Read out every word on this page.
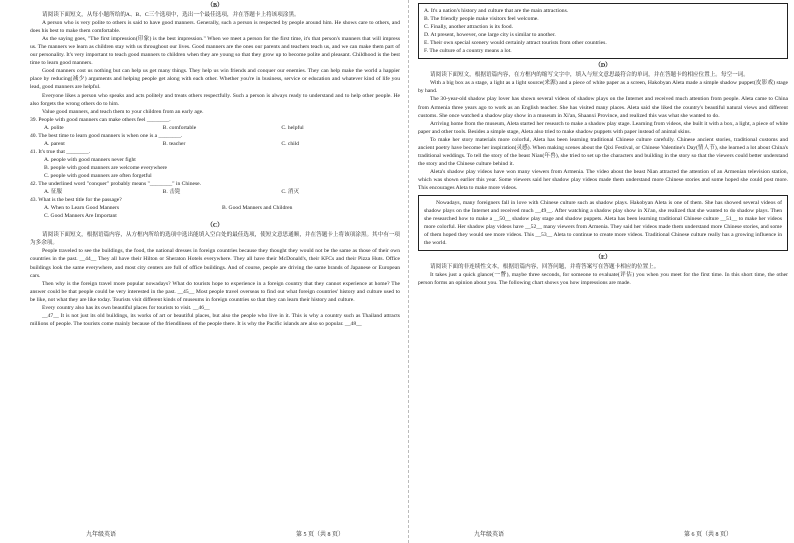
（B）

请阅读下面短文，从每小题所给的A、B、C三个选项中，选出一个最佳选项，并在答题卡上将该项涂黑。

A person who is very polite to others is said to have good manners. Generally, such a person is respected by people around him. He shows care to others, and does his best to make them comfortable.

As the saying goes, "The first impression(印象) is the best impression." When we meet a person for the first time, it's that person's manners that will impress us. The manners we learn as children stay with us throughout our lives. Good manners are the ones our parents and teachers teach us, and we can make them part of our personality. It's very important to teach good manners to children when they are young so that they grow up to become polite and pleasant. Childhood is the best time to learn good manners.

Good manners cost us nothing but can help us get many things. They help us win friends and conquer our enemies. They can help make the world a happier place by reducing(减少) arguments and helping people get along with each other. Whether you're in business, service or education and whatever kind of life you lead, good manners are helpful.

Everyone likes a person who speaks and acts politely and treats others respectfully. Such a person is always ready to understand and to help other people. He also forgets the wrong others do to him.

Value good manners, and teach them to your children from an early age.

39. People with good manners can make others feel ________.

A. polite	B. comfortable	C. helpful

40. The best time to learn good manners is when one is a ________.

A. parent	B. teacher	C. child

41. It's true that ________.

A. people with good manners never fight

B. people with good manners are welcome everywhere

C. people with good manners are often forgetful

42. The underlined word "conquer" probably means "________" in Chinese.

A. 征服	B. 击毙	C. 消灭

43. What is the best title for the passage?

A. When to Learn Good Manners	B. Good Manners and Children

C. Good Manners Are Important

（C）

请阅读下面短文，根据语篇内容，从方框内所给的选项中选出能填入空白处的最佳选项，使短文意思通顺，并在答题卡上将该项涂黑。其中有一项为多余项。

People traveled to see the buildings, the food, the national dresses in foreign countries because they thought they would not be the same as those of their own countries in the past. __44__ They all have their Hilton or Sheraton Hotels everywhere. They all have their McDonald's, their KFCs and their Pizza Huts. Office buildings look the same everywhere, and most city centers are full of office buildings. And of course, people are driving the same brands of Japanese or European cars.

Then why is the foreign travel more popular nowadays? What do tourists hope to experience in a foreign country that they cannot experience at home? The answer could be that people could be very interested in the past. __45__ Most people travel overseas to find out what foreign countries' history and culture used to be like, not what they are like today. Tourists visit different kinds of museums in foreign countries so that they can learn their history and culture.

Every country also has its own beautiful places for tourists to visit. __46__

__47__ It is not just its old buildings, its works of art or beautiful places, but also the people who live in it. This is why a country such as Thailand attracts millions of people. The tourists come mainly because of the friendliness of the people there. It is why the Pacific islands are also so popular. __48__

九年级英语	第 5 页（共 8 页）

A. It's a nation's history and culture that are the main attractions.

B. The friendly people make visitors feel welcome.

C. Finally, another attraction is its food.

D. At present, however, one large city is similar to another.

E. Their own special scenery would certainly attract tourists from other countries.

F. The culture of a country means a lot.

（D）

请阅读下面短文，根据语篇内容，在方框内的缩写文字中，填入与短文意思最符合的单词，并在答题卡的相应位置上。每空一词。

With a big box as a stage, a light as a light source(来源) and a piece of white paper as a screen, Hakobyan Aleta made a simple shadow puppet(皮影戏) stage by hand.

The 30-year-old shadow play lover has shown several videos of shadow plays on the Internet and received much attention from people. Aleta came to China from Armenia three years ago to work as an English teacher. She has visited many places. Aleta said she liked the country's beautiful natural views and different customs. She once watched a shadow play show in a museum in Xi'an, Shaanxi Province, and realized this was what she wanted to do.

Arriving home from the museum, Aleta started her research to make a shadow play stage. Learning from videos, she built it with a box, a light, a piece of white paper and other tools. Besides a simple stage, Aleta also tried to make shadow puppets with paper instead of animal skins.

To make her story materials more colorful, Aleta has been learning traditional Chinese culture carefully. Chinese ancient stories, traditional customs and ancient poetry have become her inspiration(灵感). When making scenes about the Qixi Festival, or Chinese Valentine's Day(情人节), she learned a lot about China's traditional weddings. To tell the story of the beast Nian(年兽), she tried to set up the characters and building in the story so that the viewers could better understand the story and the Chinese culture behind it.

Aleta's shadow play videos have won many viewers from Armenia. The video about the beast Nian attracted the attention of an Armenian television station, which was shown earlier this year. Some viewers said her shadow play videos made them understand more Chinese stories and some hoped she could post more. This encourages Aleta to make more videos.

Nowadays, many foreigners fall in love with Chinese culture such as shadow plays. Hakobyan Aleta is one of them. She has showed several videos of shadow plays on the Internet and received much __49__. After watching a shadow play show in Xi'an, she realized that she wanted to do shadow plays. Then she researched how to make a __50__ shadow play stage and shadow puppets. Aleta has been learning traditional Chinese culture __51__ to make her videos more colorful. Her shadow play videos have __52__ many viewers from Armenia. They said her videos made them understand more Chinese stories, and some of them hoped they would see more videos. This __53__ Aleta to continue to create more videos. Traditional Chinese culture really has a growing influence in the world.

（E）

请阅读下面的非连续性文本，根据语篇内容，回答问题，并将答案写在答题卡相应的位置上。

It takes just a quick glance(一瞥), maybe three seconds, for someone to evaluate(评估) you when you meet for the first time. In this short time, the other person forms an opinion about you. The following chart shows you how impressions are made.

九年级英语	第 6 页（共 8 页）
